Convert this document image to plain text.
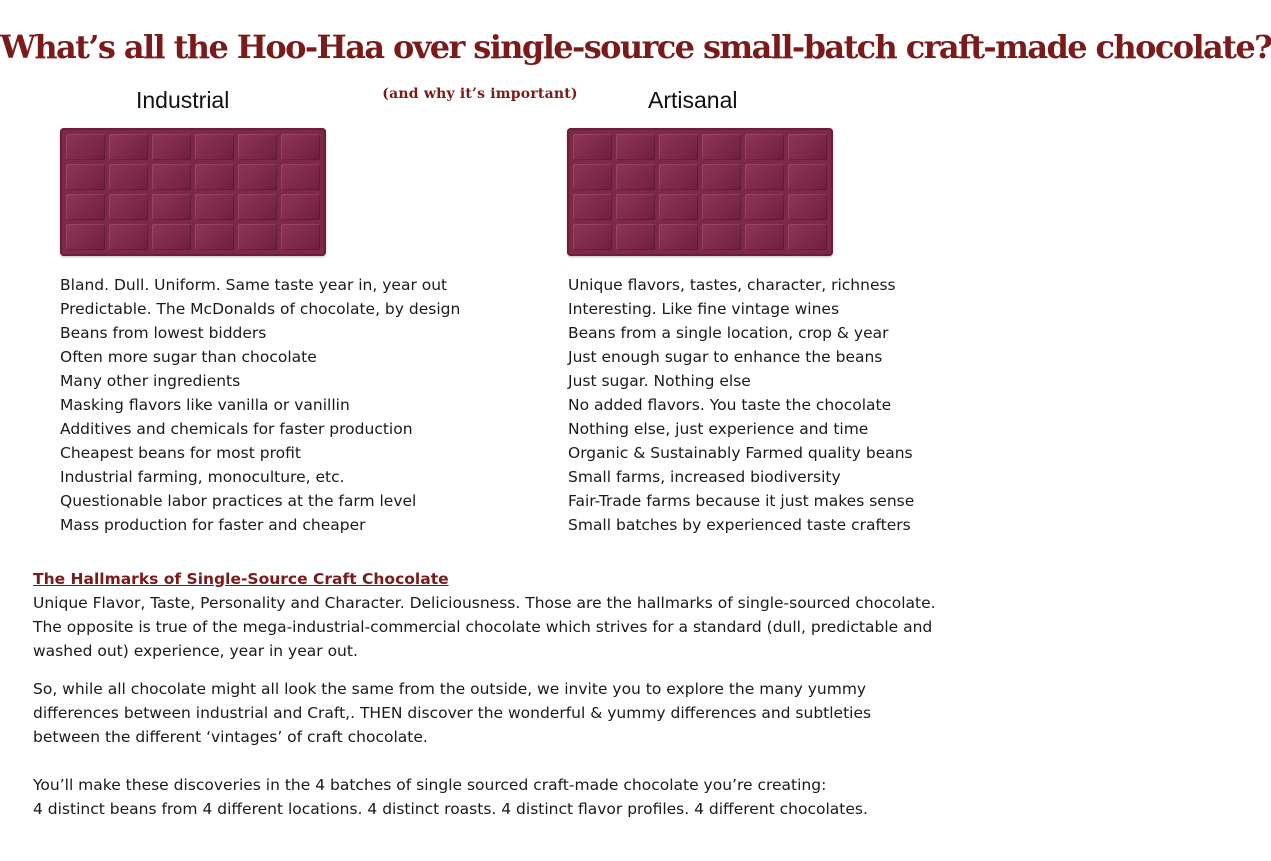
What’s all the Hoo-Haa over single-source small-batch craft-made chocolate?
(and why it’s important)
Industrial	Artisanal
Bland. Dull. Uniform. Same taste year in, year out
Predictable. The McDonalds of chocolate, by design
Beans from lowest bidders
Often more sugar than chocolate
Many other ingredients
Masking flavors like vanilla or vanillin
Additives and chemicals for faster production
Cheapest beans for most profit
Industrial farming, monoculture, etc.
Questionable labor practices at the farm level
Mass production for faster and cheaper
Unique flavors, tastes, character, richness
Interesting. Like fine vintage wines
Beans from a single location, crop & year
Just enough sugar to enhance the beans
Just sugar. Nothing else
No added flavors. You taste the chocolate
Nothing else, just experience and time
Organic & Sustainably Farmed quality beans
Small farms, increased biodiversity
Fair-Trade farms because it just makes sense
Small batches by experienced taste crafters
The Hallmarks of Single-Source Craft Chocolate

Unique Flavor, Taste, Personality and Character. Deliciousness. Those are the hallmarks of single-sourced chocolate. The opposite is true of the mega-industrial-commercial chocolate which strives for a standard (dull, predictable and washed out) experience, year in year out.

So, while all chocolate might all look the same from the outside, we invite you to explore the many yummy differences between industrial and Craft,. THEN discover the wonderful & yummy differences and subtleties between the different ‘vintages’ of craft chocolate.

You’ll make these discoveries in the 4 batches of single sourced craft-made chocolate you’re creating:
4 distinct beans from 4 different locations. 4 distinct roasts. 4 distinct flavor profiles. 4 different chocolates.
